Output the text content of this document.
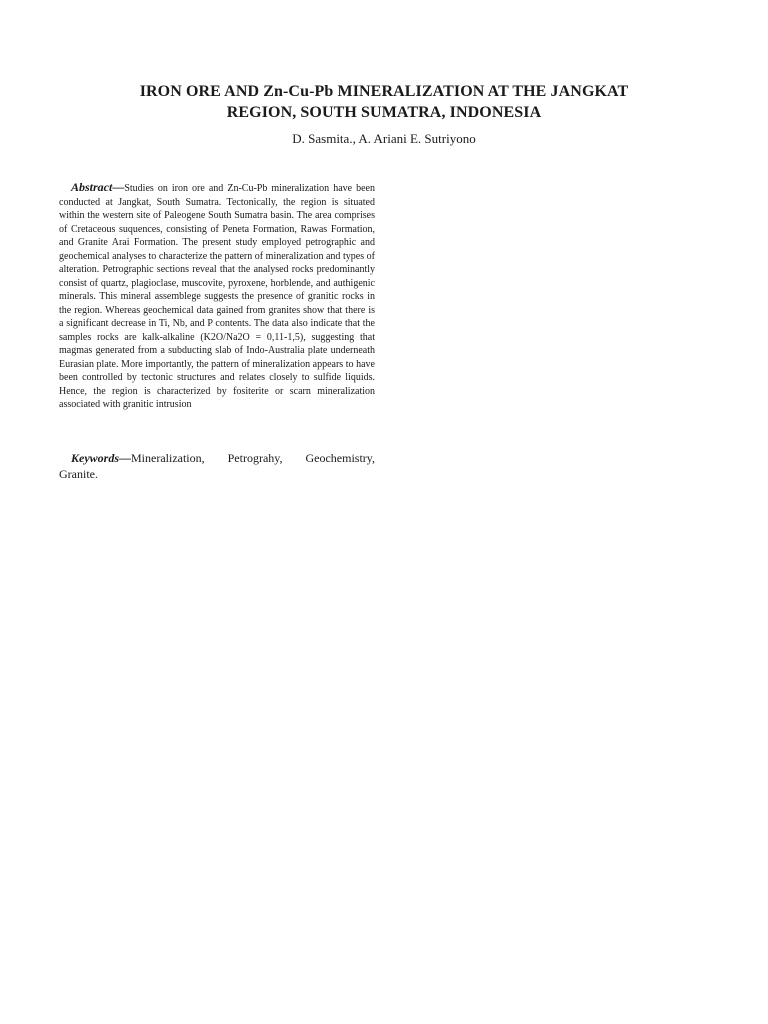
IRON ORE AND Zn-Cu-Pb MINERALIZATION AT THE JANGKAT
REGION, SOUTH SUMATRA, INDONESIA

D. Sasmita., A. Ariani E. Sutriyono

Abstract—Studies on iron ore and Zn-Cu-Pb mineralization have been conducted at Jangkat, South Sumatra. Tectonically, the region is situated within the western site of Paleogene South Sumatra basin. The area comprises of Cretaceous suquences, consisting of Peneta Formation, Rawas Formation, and Granite Arai Formation. The present study employed petrographic and geochemical analyses to characterize the pattern of mineralization and types of alteration. Petrographic sections reveal that the analysed rocks predominantly consist of quartz, plagioclase, muscovite, pyroxene, horblende, and authigenic minerals. This mineral assemblege suggests the presence of granitic rocks in the region. Whereas geochemical data gained from granites show that there is a significant decrease in Ti, Nb, and P contents. The data also indicate that the samples rocks are kalk-alkaline (K2O/Na2O = 0,11-1,5), suggesting that magmas generated from a subducting slab of Indo-Australia plate underneath Eurasian plate. More importantly, the pattern of mineralization appears to have been controlled by tectonic structures and relates closely to sulfide liquids. Hence, the region is characterized by fositerite or scarn mineralization associated with granitic intrusion

Keywords—Mineralization, Petrograhy, Geochemistry, Granite.
